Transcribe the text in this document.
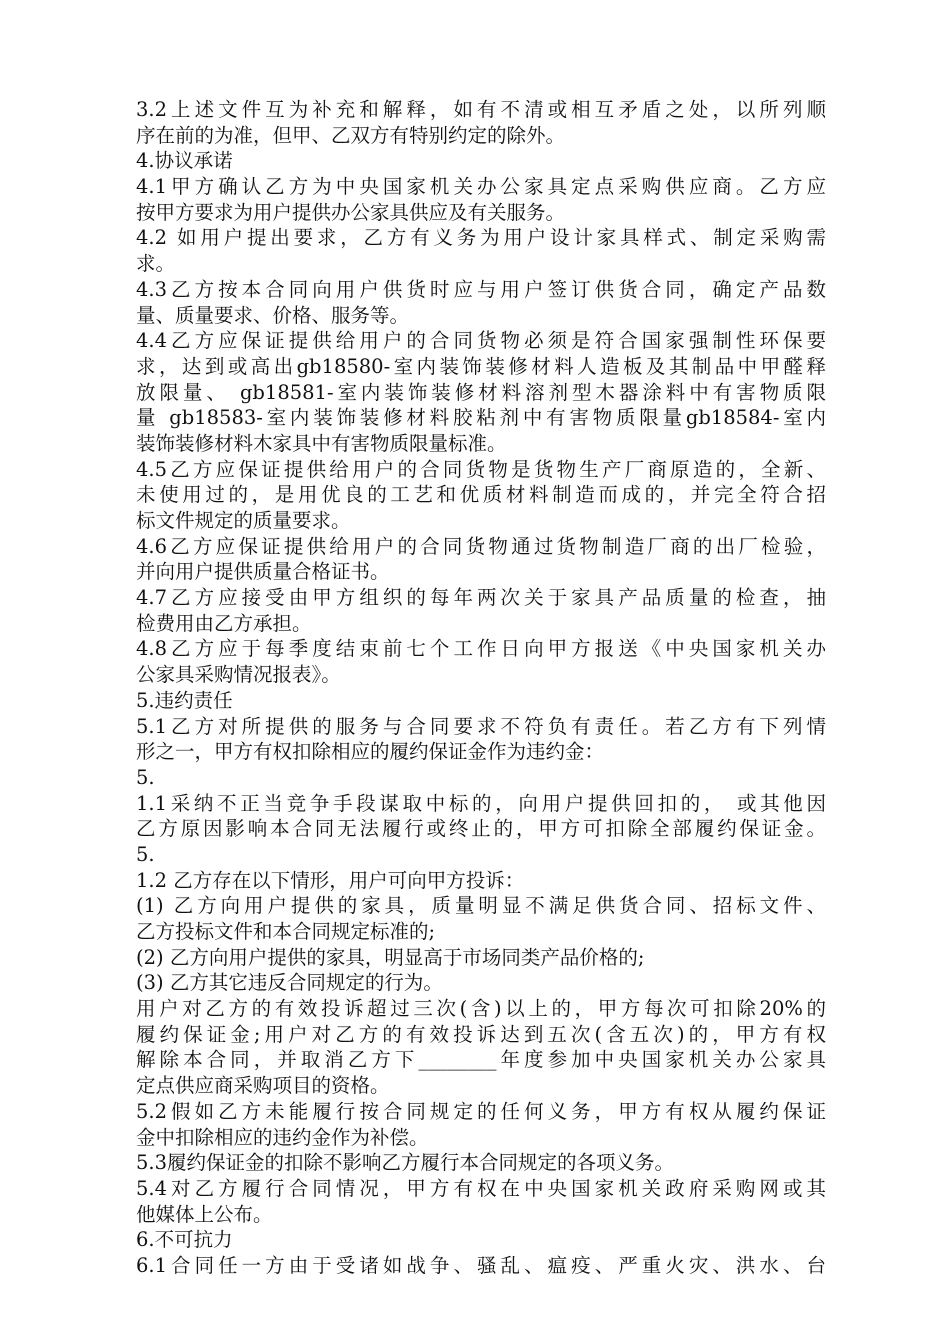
3.2上述文件互为补充和解释，如有不清或相互矛盾之处，以所列顺
序在前的为准，但甲、乙双方有特别约定的除外。
4.协议承诺
4.1甲方确认乙方为中央国家机关办公家具定点采购供应商。乙方应
按甲方要求为用户提供办公家具供应及有关服务。
4.2 如用户提出要求，乙方有义务为用户设计家具样式、制定采购需
求。
4.3乙方按本合同向用户供货时应与用户签订供货合同，确定产品数
量、质量要求、价格、服务等。
4.4乙方应保证提供给用户的合同货物必须是符合国家强制性环保要
求，达到或高出gb18580-室内装饰装修材料人造板及其制品中甲醛释
放限量、 gb18581-室内装饰装修材料溶剂型木器涂料中有害物质限
量 gb18583-室内装饰装修材料胶粘剂中有害物质限量gb18584-室内
装饰装修材料木家具中有害物质限量标准。
4.5乙方应保证提供给用户的合同货物是货物生产厂商原造的，全新、
未使用过的，是用优良的工艺和优质材料制造而成的，并完全符合招
标文件规定的质量要求。
4.6乙方应保证提供给用户的合同货物通过货物制造厂商的出厂检验，
并向用户提供质量合格证书。
4.7乙方应接受由甲方组织的每年两次关于家具产品质量的检查，抽
检费用由乙方承担。
4.8乙方应于每季度结束前七个工作日向甲方报送《中央国家机关办
公家具采购情况报表》。
5.违约责任
5.1乙方对所提供的服务与合同要求不符负有责任。若乙方有下列情
形之一，甲方有权扣除相应的履约保证金作为违约金：
5.
1.1采纳不正当竞争手段谋取中标的，向用户提供回扣的， 或其他因
乙方原因影响本合同无法履行或终止的，甲方可扣除全部履约保证金。
5.
1.2 乙方存在以下情形，用户可向甲方投诉：
(1) 乙方向用户提供的家具，质量明显不满足供货合同、招标文件、
乙方投标文件和本合同规定标准的;
(2) 乙方向用户提供的家具，明显高于市场同类产品价格的;
(3) 乙方其它违反合同规定的行为。
用户对乙方的有效投诉超过三次(含)以上的，甲方每次可扣除20%的
履约保证金;用户对乙方的有效投诉达到五次(含五次)的，甲方有权
解除本合同，并取消乙方下________年度参加中央国家机关办公家具
定点供应商采购项目的资格。
5.2假如乙方未能履行按合同规定的任何义务，甲方有权从履约保证
金中扣除相应的违约金作为补偿。
5.3履约保证金的扣除不影响乙方履行本合同规定的各项义务。
5.4对乙方履行合同情况，甲方有权在中央国家机关政府采购网或其
他媒体上公布。
6.不可抗力
6.1合同任一方由于受诸如战争、骚乱、瘟疫、严重火灾、洪水、台
